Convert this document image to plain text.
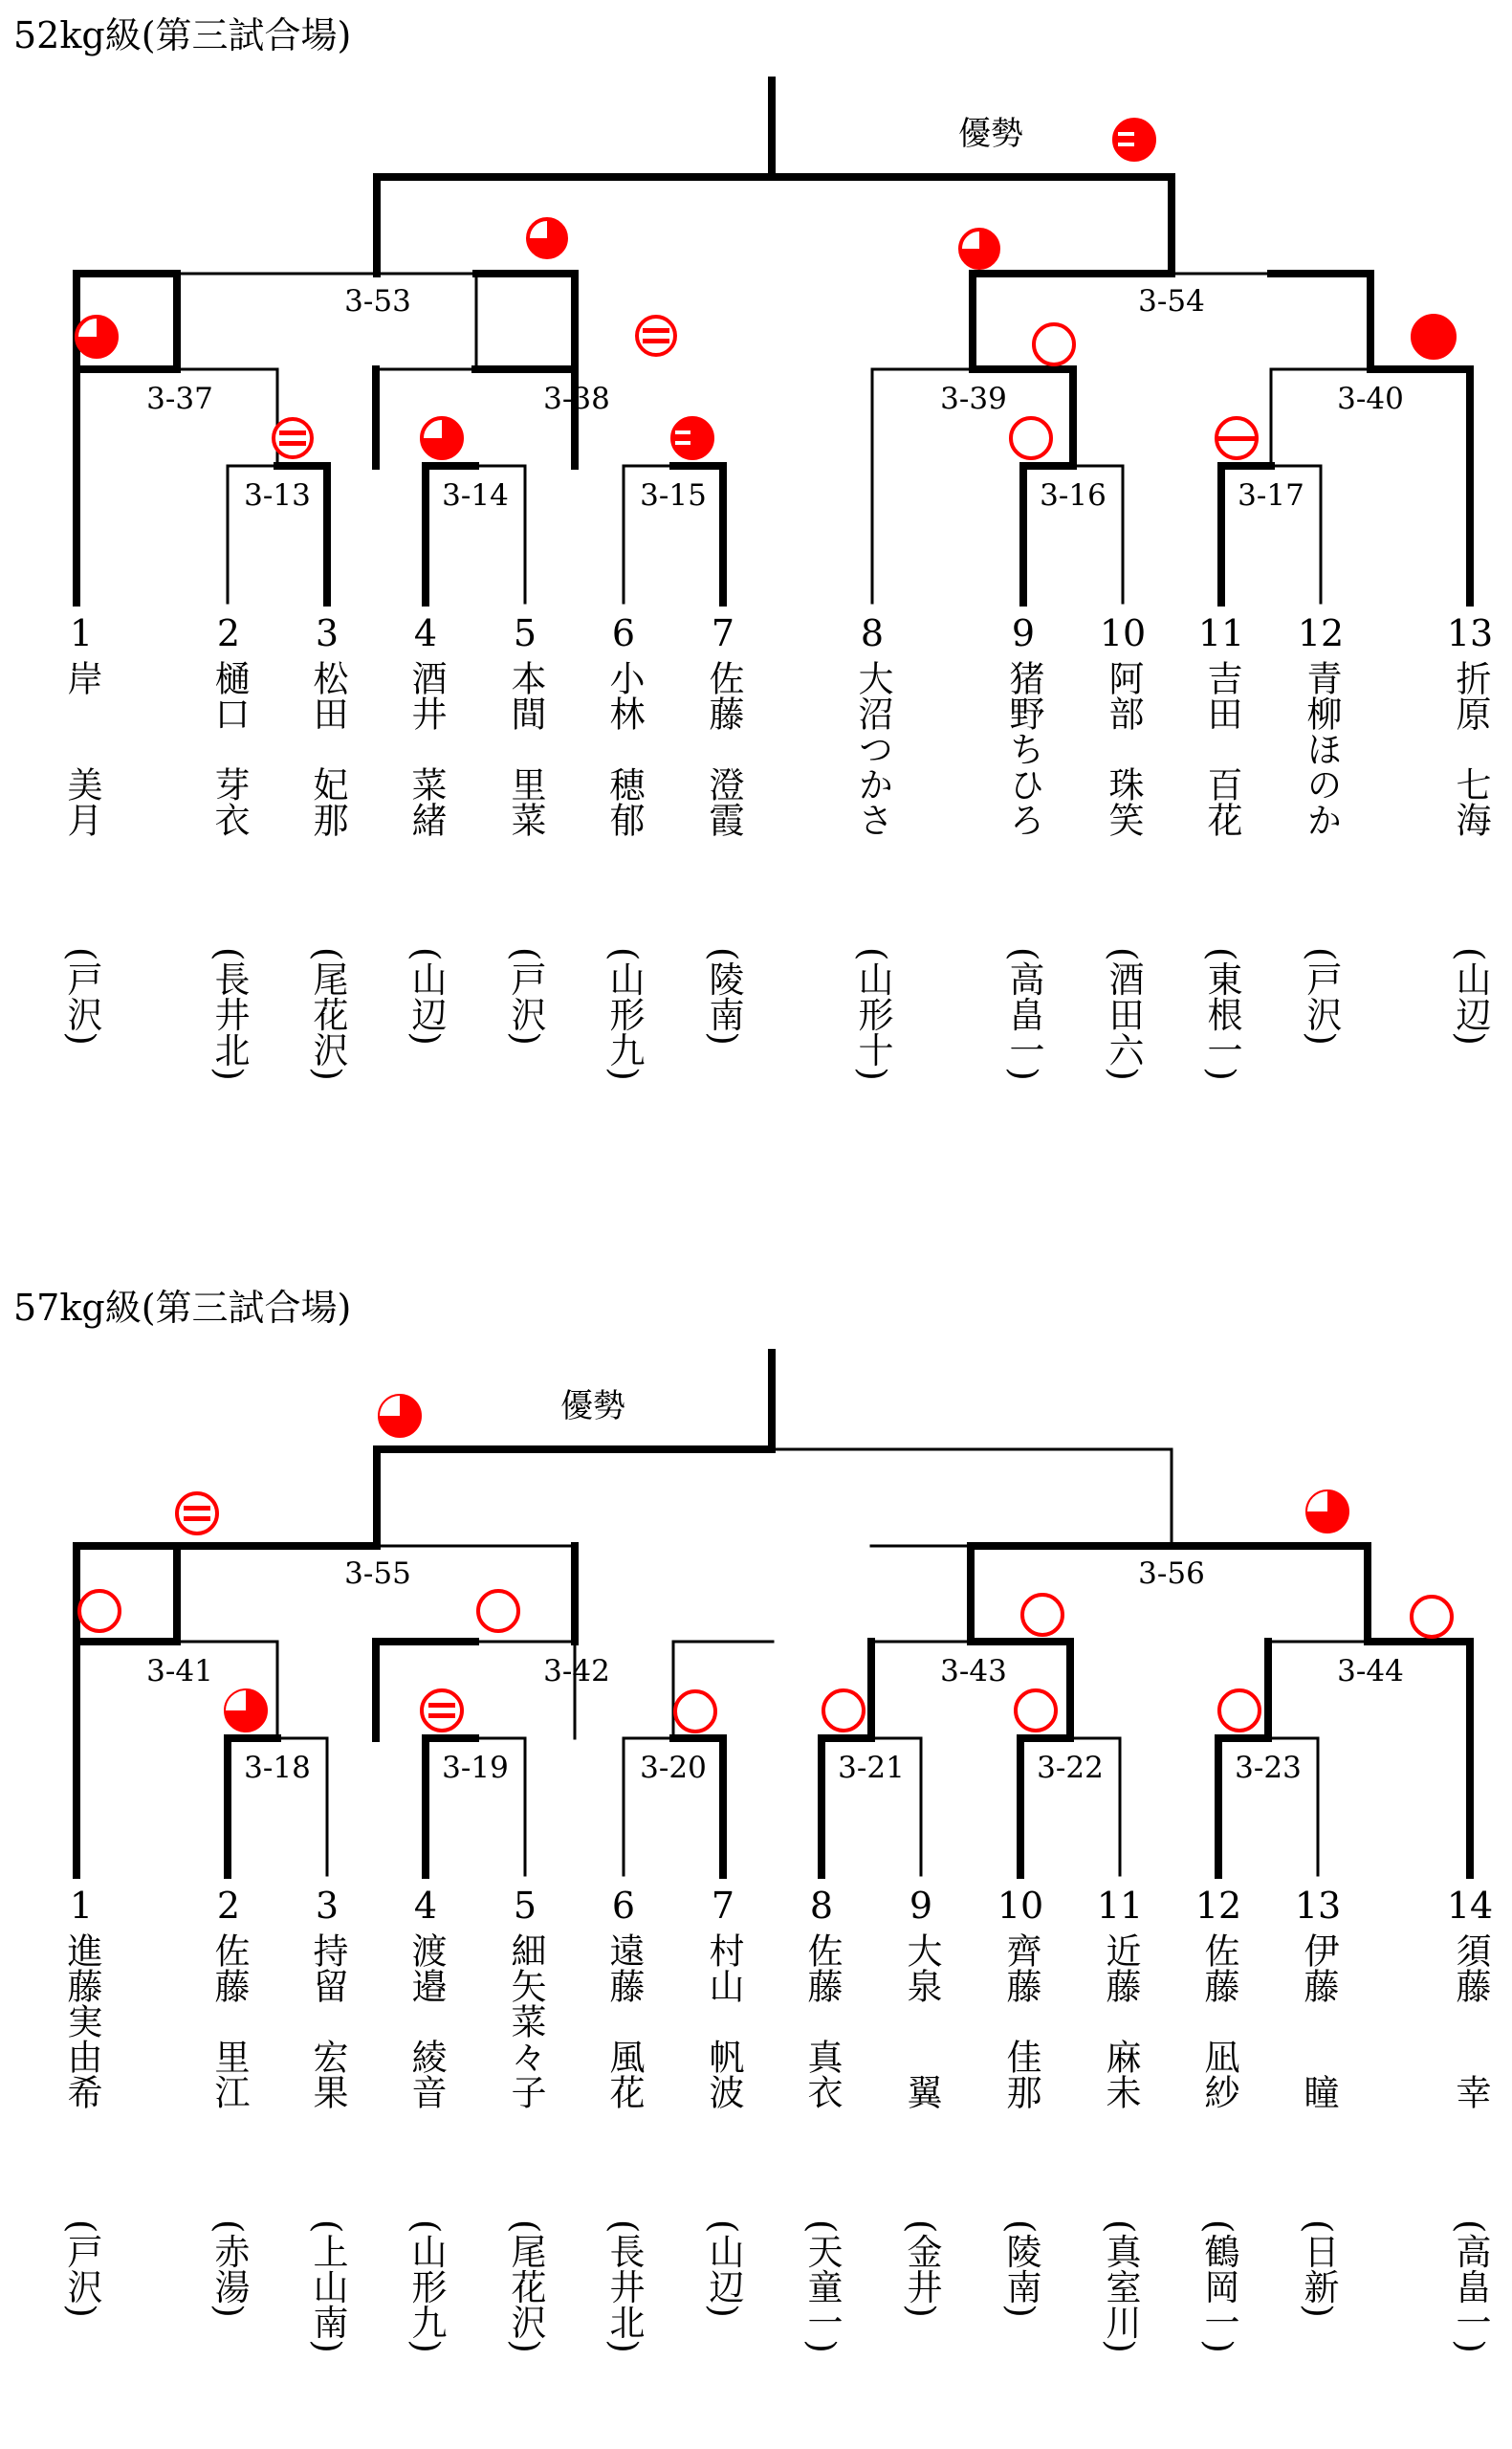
52kg級(第三試合場)
優勢
3-13	3-14	3-15	3-16	3-17
3-37	3-38	3-39	3-40
3-53	3-54
1
岸　　美月
(戸沢)
2
樋口　芽衣
(長井北)
3
松田　妃那
(尾花沢)
4
酒井　菜緒
(山辺)
5
本間　里菜
(戸沢)
6
小林　穂郁
(山形九)
7
佐藤　澄霞
(陵南)
8
大沼つかさ
(山形十)
9
猪野ちひろ
(高畠一)
10
阿部　珠笑
(酒田六)
11
吉田　百花
(東根一)
12
青柳ほのか
(戸沢)
13
折原　七海
(山辺)
57kg級(第三試合場)
優勢
3-18	3-19	3-20	3-21	3-22	3-23
3-41	3-42	3-43	3-44
3-55	3-56
1
進藤実由希
(戸沢)
2
佐藤　里江
(赤湯)
3
持留　宏果
(上山南)
4
渡邉　綾音
(山形九)
5
細矢菜々子
(尾花沢)
6
遠藤　風花
(長井北)
7
村山　帆波
(山辺)
8
佐藤　真衣
(天童一)
9
大泉　　翼
(金井)
10
齊藤　佳那
(陵南)
11
近藤　麻未
(真室川)
12
佐藤　凪紗
(鶴岡一)
13
伊藤　　瞳
(日新)
14
須藤　　幸
(高畠一)
